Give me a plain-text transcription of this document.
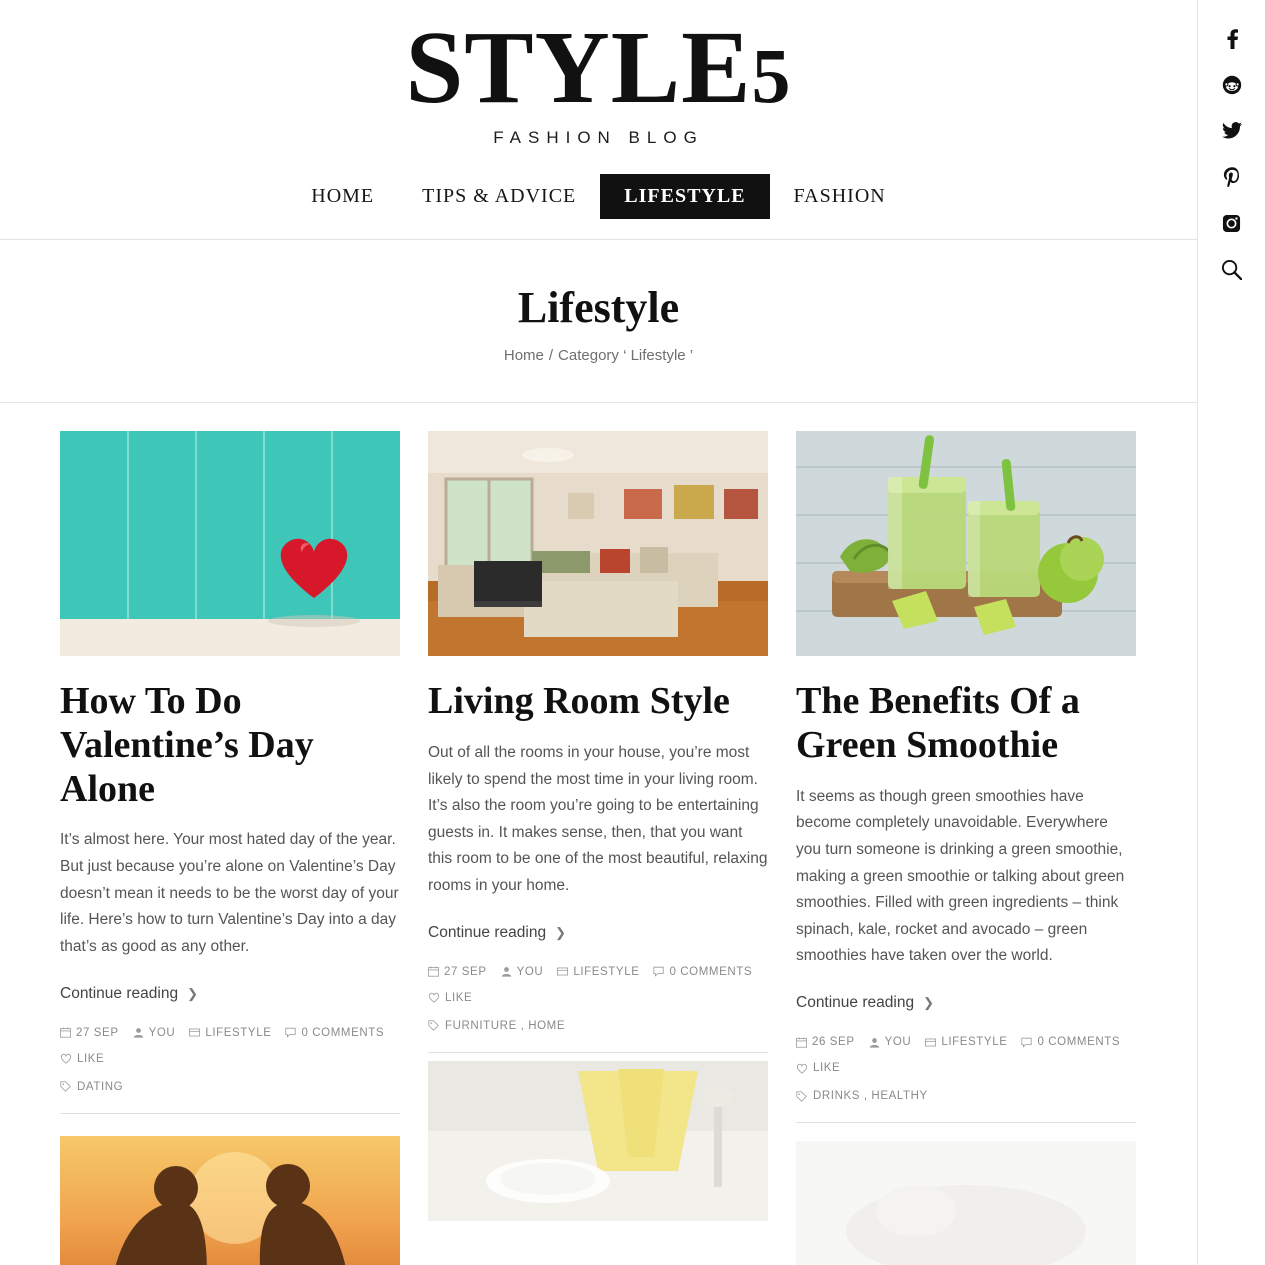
STYLE5
FASHION BLOG
HOME	TIPS & ADVICE	LIFESTYLE	FASHION
Lifestyle
Home / Category ‘ Lifestyle ’
How To Do Valentine’s Day Alone

It’s almost here. Your most hated day of the year. But just because you’re alone on Valentine’s Day doesn’t mean it needs to be the worst day of your life. Here’s how to turn Valentine’s Day into a day that’s as good as any other.

Continue reading ❯
27 SEP	YOU	LIFESTYLE	0 COMMENTS
LIKE
DATING
Living Room Style

Out of all the rooms in your house, you’re most likely to spend the most time in your living room. It’s also the room you’re going to be entertaining guests in. It makes sense, then, that you want this room to be one of the most beautiful, relaxing rooms in your home.

Continue reading ❯
27 SEP	YOU	LIFESTYLE	0 COMMENTS
LIKE
FURNITURE , HOME
The Benefits Of a Green Smoothie

It seems as though green smoothies have become completely unavoidable. Everywhere you turn someone is drinking a green smoothie, making a green smoothie or talking about green smoothies. Filled with green ingredients – think spinach, kale, rocket and avocado – green smoothies have taken over the world.

Continue reading ❯
26 SEP	YOU	LIFESTYLE	0 COMMENTS
LIKE
DRINKS , HEALTHY
